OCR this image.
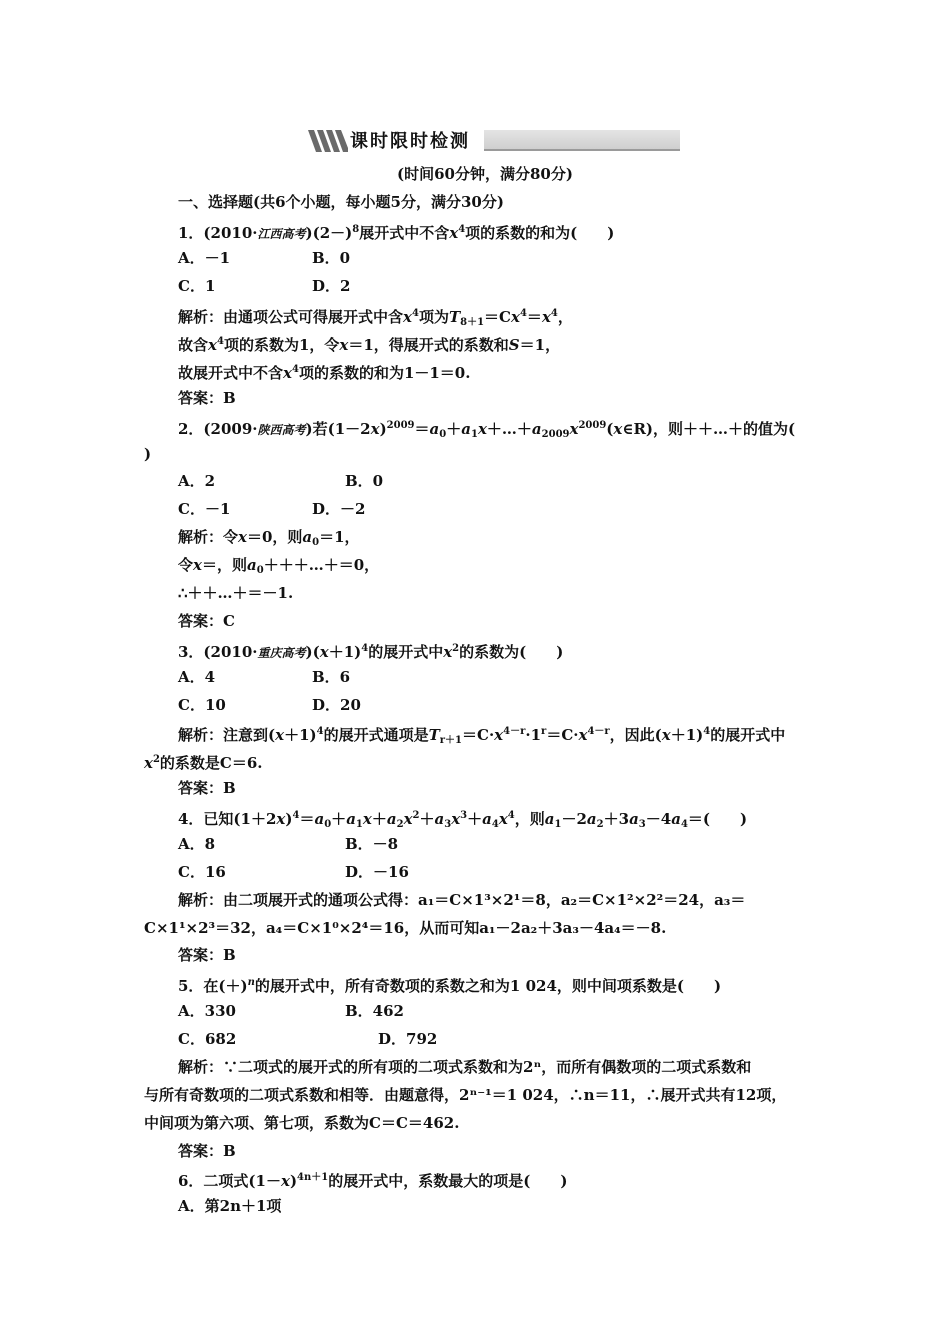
课时限时检测
(时间60分钟，满分80分)
一、选择题(共6个小题，每小题5分，满分30分)
1．(2010·江西高考)$(2-)^8$展开式中不含$x^4$项的系数的和为(　　)
A．－1	B．0
C．1	D．2
解析：由通项公式可得展开式中含$x^4$项为$T_{8+1}=Cx^4=x^4$，
故含$x^4$项的系数为1，令x＝1，得展开式的系数和S＝1，
故展开式中不含$x^4$项的系数的和为1－1＝0.
答案：B
2．(2009·陕西高考)若$(1-2x)^{2009}=a_0+a_1x+\dots+a_{2009}x^{2009}(x\in R)$，则＋＋…＋的值为(
)
A．2	B．0
C．－1	D．－2
解析：令x＝0，则$a_0=1$，
令x＝，则$a_0+++\dots+=0$，
∴＋＋…＋＝－1.
答案：C
3．(2010·重庆高考)$(x+1)^4$的展开式中$x^2$的系数为(　　)
A．4	B．6
C．10	D．20
解析：注意到$(x+1)^4$的展开式通项是$T_{r+1}=C\cdot x^{4-r}\cdot 1^r=C\cdot x^{4-r}$，因此$(x+1)^4$的展开式中
$x^2$的系数是C＝6.
答案：B
4．已知$(1+2x)^4=a_0+a_1x+a_2x^2+a_3x^3+a_4x^4$，则$a_1-2a_2+3a_3-4a_4=$(　　)
A．8	B．－8
C．16	D．－16
解析：由二项展开式的通项公式得：a₁＝C×1³×2¹＝8，a₂＝C×1²×2²＝24，a₃＝
C×1¹×2³＝32，a₄＝C×1⁰×2⁴＝16，从而可知a₁－2a₂＋3a₃－4a₄＝－8.
答案：B
5．在$(+)^n$的展开式中，所有奇数项的系数之和为1 024，则中间项系数是(　　)
A．330	B．462
C．682	D．792
解析：∵二项式的展开式的所有项的二项式系数和为2ⁿ，而所有偶数项的二项式系数和
与所有奇数项的二项式系数和相等．由题意得，2ⁿ⁻¹＝1 024，∴n＝11，∴展开式共有12项，
中间项为第六项、第七项，系数为C＝C＝462.
答案：B
6．二项式$(1-x)^{4n+1}$的展开式中，系数最大的项是(　　)
A．第2n＋1项
